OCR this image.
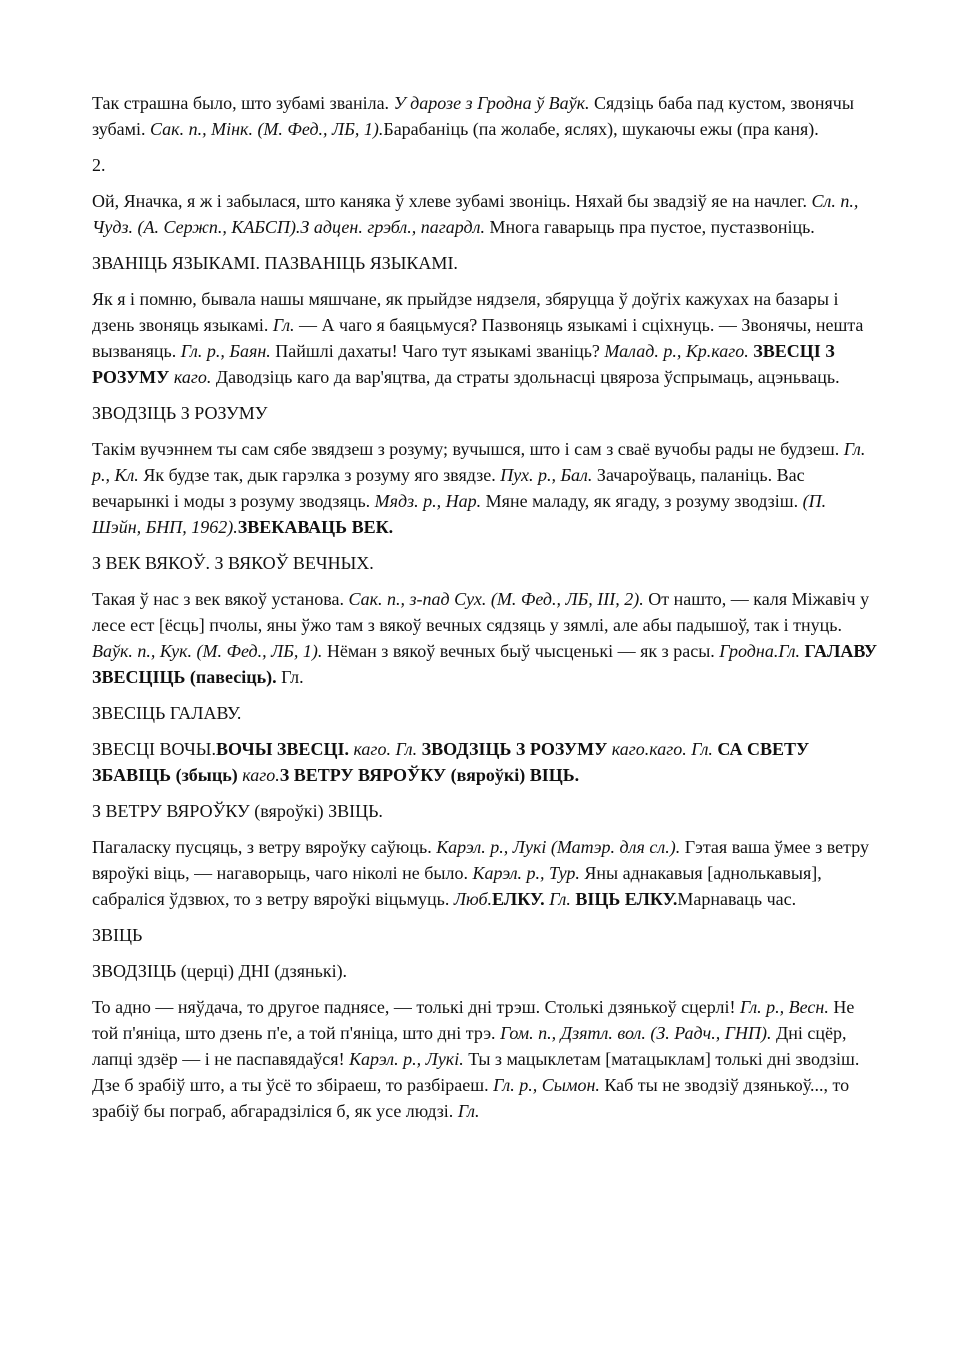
Так страшна было, што зубамі званіла. У дарозе з Гродна ў Ваўк. Сядзіць баба пад кустом, звонячы зубамі. Сак. п., Мінк. (М. Фед., ЛБ, 1).Барабаніць (па жолабе, яслях), шукаючы ежы (пра каня).

2.

Ой, Яначка, я ж і забылася, што каняка ў хлеве зубамі звоніць. Няхай бы звадзіў яе на начлег. Сл. п., Чудз. (А. Сержп., КАБСП).З адцен. грэбл., пагардл. Многа гаварыць пра пустое, пустазвоніць.

ЗВАНІЦЬ ЯЗЫКАМІ. ПАЗВАНІЦЬ ЯЗЫКАМІ.

Як я і помню, бывала нашы мяшчане, як прыйдзе нядзеля, збяруцца ў доўгіх кажухах на базары і дзень звоняць языкамі. Гл. — А чаго я баяцьмуся? Пазвоняць языкамі і сціхнуць. — Звонячы, нешта вызваняць. Гл. р., Баян. Пайшлі дахаты! Чаго тут языкамі званіць? Малад. р., Кр.каго. ЗВЕСЦІ З РОЗУМУ каго. Даводзіць каго да вар'яцтва, да страты здольнасці цвяроза ўспрымаць, ацэньваць.

ЗВОДЗІЦЬ З РОЗУМУ

Такім вучэннем ты сам сябе звядзеш з розуму; вучышся, што і сам з сваё вучобы рады не будзеш. Гл. р., Кл. Як будзе так, дык гарэлка з розуму яго звядзе. Пух. р., Бал. Зачароўваць, паланіць. Вас вечарынкі і моды з розуму зводзяць. Мядз. р., Нар. Мяне маладу, як ягаду, з розуму зводзіш. (П. Шэйн, БНП, 1962).ЗВЕКАВАЦЬ ВЕК.

З ВЕК ВЯКОЎ. З ВЯКОЎ ВЕЧНЫХ.

Такая ў нас з век вякоў установа. Сак. п., з-пад Сух. (М. Фед., ЛБ, III, 2). От нашто, — каля Міжавіч у лесе ест [ёсць] пчолы, яны ўжо там з вякоў вечных сядзяць у зямлі, але абы падышоў, так і тнуць. Ваўк. п., Кук. (М. Фед., ЛБ, 1). Нёман з вякоў вечных быў чысценькі — як з расы. Гродна.Гл. ГАЛАВУ ЗВЕСЦІЦЬ (павесіць). Гл.

ЗВЕСІЦЬ ГАЛАВУ.

ЗВЕСЦІ ВОЧЫ.ВОЧЫ ЗВЕСЦІ. каго. Гл. ЗВОДЗІЦЬ З РОЗУМУ каго.каго. Гл. СА СВЕТУ ЗБАВІЦЬ (збыць) каго.З ВЕТРУ ВЯРОЎКУ (вяроўкі) ВІЦЬ.

З ВЕТРУ ВЯРОЎКУ (вяроўкі) ЗВІЦЬ.

Пагаласку пусцяць, з ветру вяроўку саўюць. Карэл. р., Лукі (Матэр. для сл.). Гэтая ваша ўмее з ветру вяроўкі віць, — нагаворыць, чаго ніколі не было. Карэл. р., Тур. Яны аднакавыя [аднолькавыя], сабраліся ўдзвюх, то з ветру вяроўкі віцьмуць. Люб.ЕЛКУ. Гл. ВІЦЬ ЕЛКУ.Марнаваць час.

ЗВІЦЬ

ЗВОДЗІЦЬ (церці) ДНІ (дзянькі).

То адно — няўдача, то другое паднясе, — толькі дні трэш. Столькі дзянькоў сцерлі! Гл. р., Весн. Не той п'яніца, што дзень п'е, а той п'яніца, што дні трэ. Гом. п., Дзятл. вол. (З. Радч., ГНП). Дні сцёр, лапці здзёр — і не паспавядаўся! Карэл. р., Лукі. Ты з мацыклетам [матацыклам] толькі дні зводзіш. Дзе б зрабіў што, а ты ўсё то збіраеш, то разбіраеш. Гл. р., Сымон. Каб ты не зводзіў дзянькоў..., то зрабіў бы пограб, абгарадзіліся б, як усе людзі. Гл.
